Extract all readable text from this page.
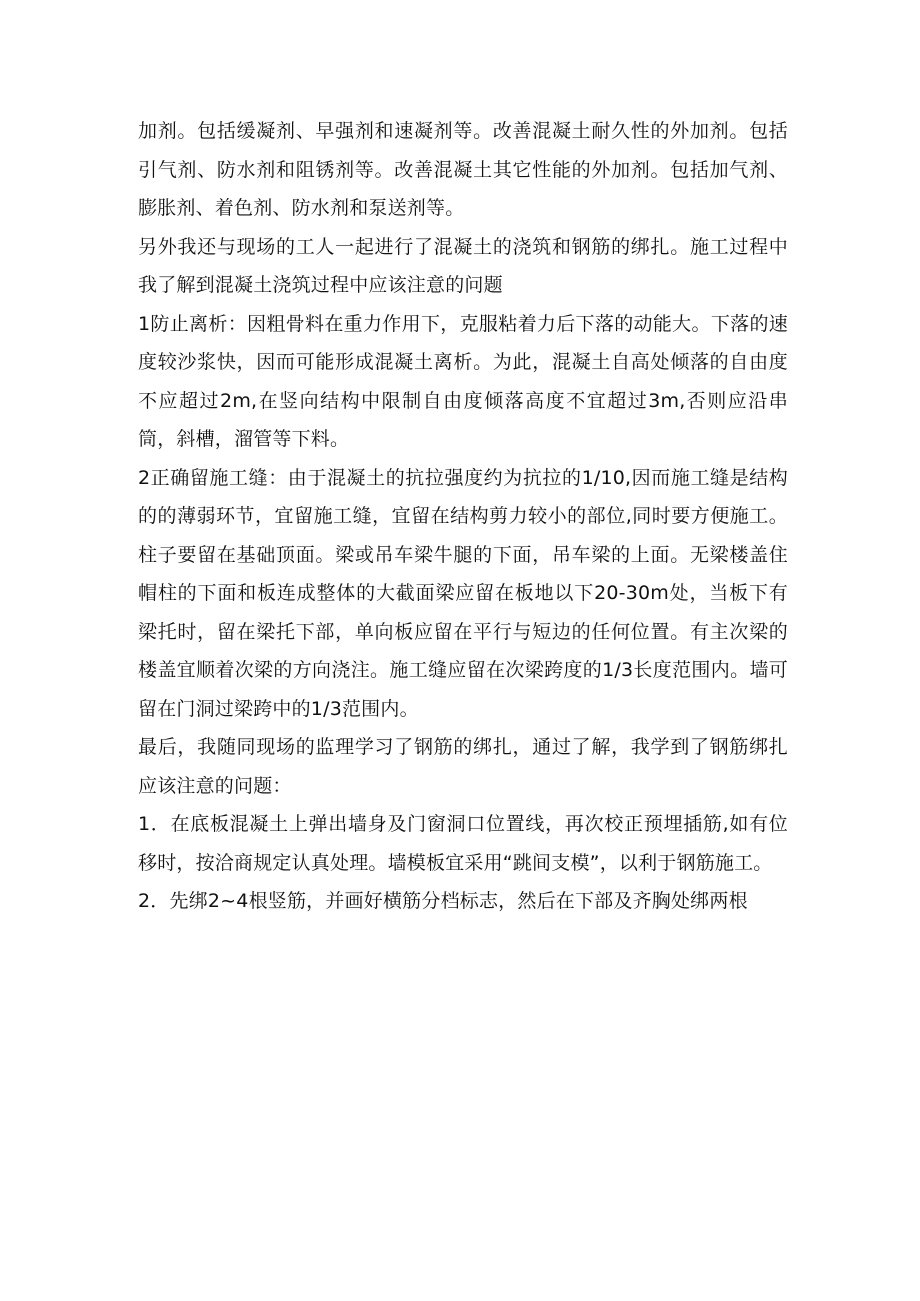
加剂。包括缓凝剂、早强剂和速凝剂等。改善混凝土耐久性的外加剂。包括引气剂、防水剂和阻锈剂等。改善混凝土其它性能的外加剂。包括加气剂、膨胀剂、着色剂、防水剂和泵送剂等。

另外我还与现场的工人一起进行了混凝土的浇筑和钢筋的绑扎。施工过程中我了解到混凝土浇筑过程中应该注意的问题

1防止离析：因粗骨料在重力作用下，克服粘着力后下落的动能大。下落的速度较沙浆快，因而可能形成混凝土离析。为此，混凝土自高处倾落的自由度不应超过2m,在竖向结构中限制自由度倾落高度不宜超过3m,否则应沿串筒，斜槽，溜管等下料。

2正确留施工缝：由于混凝土的抗拉强度约为抗拉的1/10,因而施工缝是结构的的薄弱环节，宜留施工缝，宜留在结构剪力较小的部位,同时要方便施工。柱子要留在基础顶面。梁或吊车梁牛腿的下面，吊车梁的上面。无梁楼盖住帽柱的下面和板连成整体的大截面梁应留在板地以下20-30m处，当板下有梁托时，留在梁托下部，单向板应留在平行与短边的任何位置。有主次梁的楼盖宜顺着次梁的方向浇注。施工缝应留在次梁跨度的1/3长度范围内。墙可留在门洞过梁跨中的1/3范围内。

最后，我随同现场的监理学习了钢筋的绑扎，通过了解，我学到了钢筋绑扎应该注意的问题：

1．在底板混凝土上弹出墙身及门窗洞口位置线，再次校正预埋插筋,如有位移时，按洽商规定认真处理。墙模板宜采用“跳间支模”，以利于钢筋施工。

2．先绑2~4根竖筋，并画好横筋分档标志，然后在下部及齐胸处绑两根
